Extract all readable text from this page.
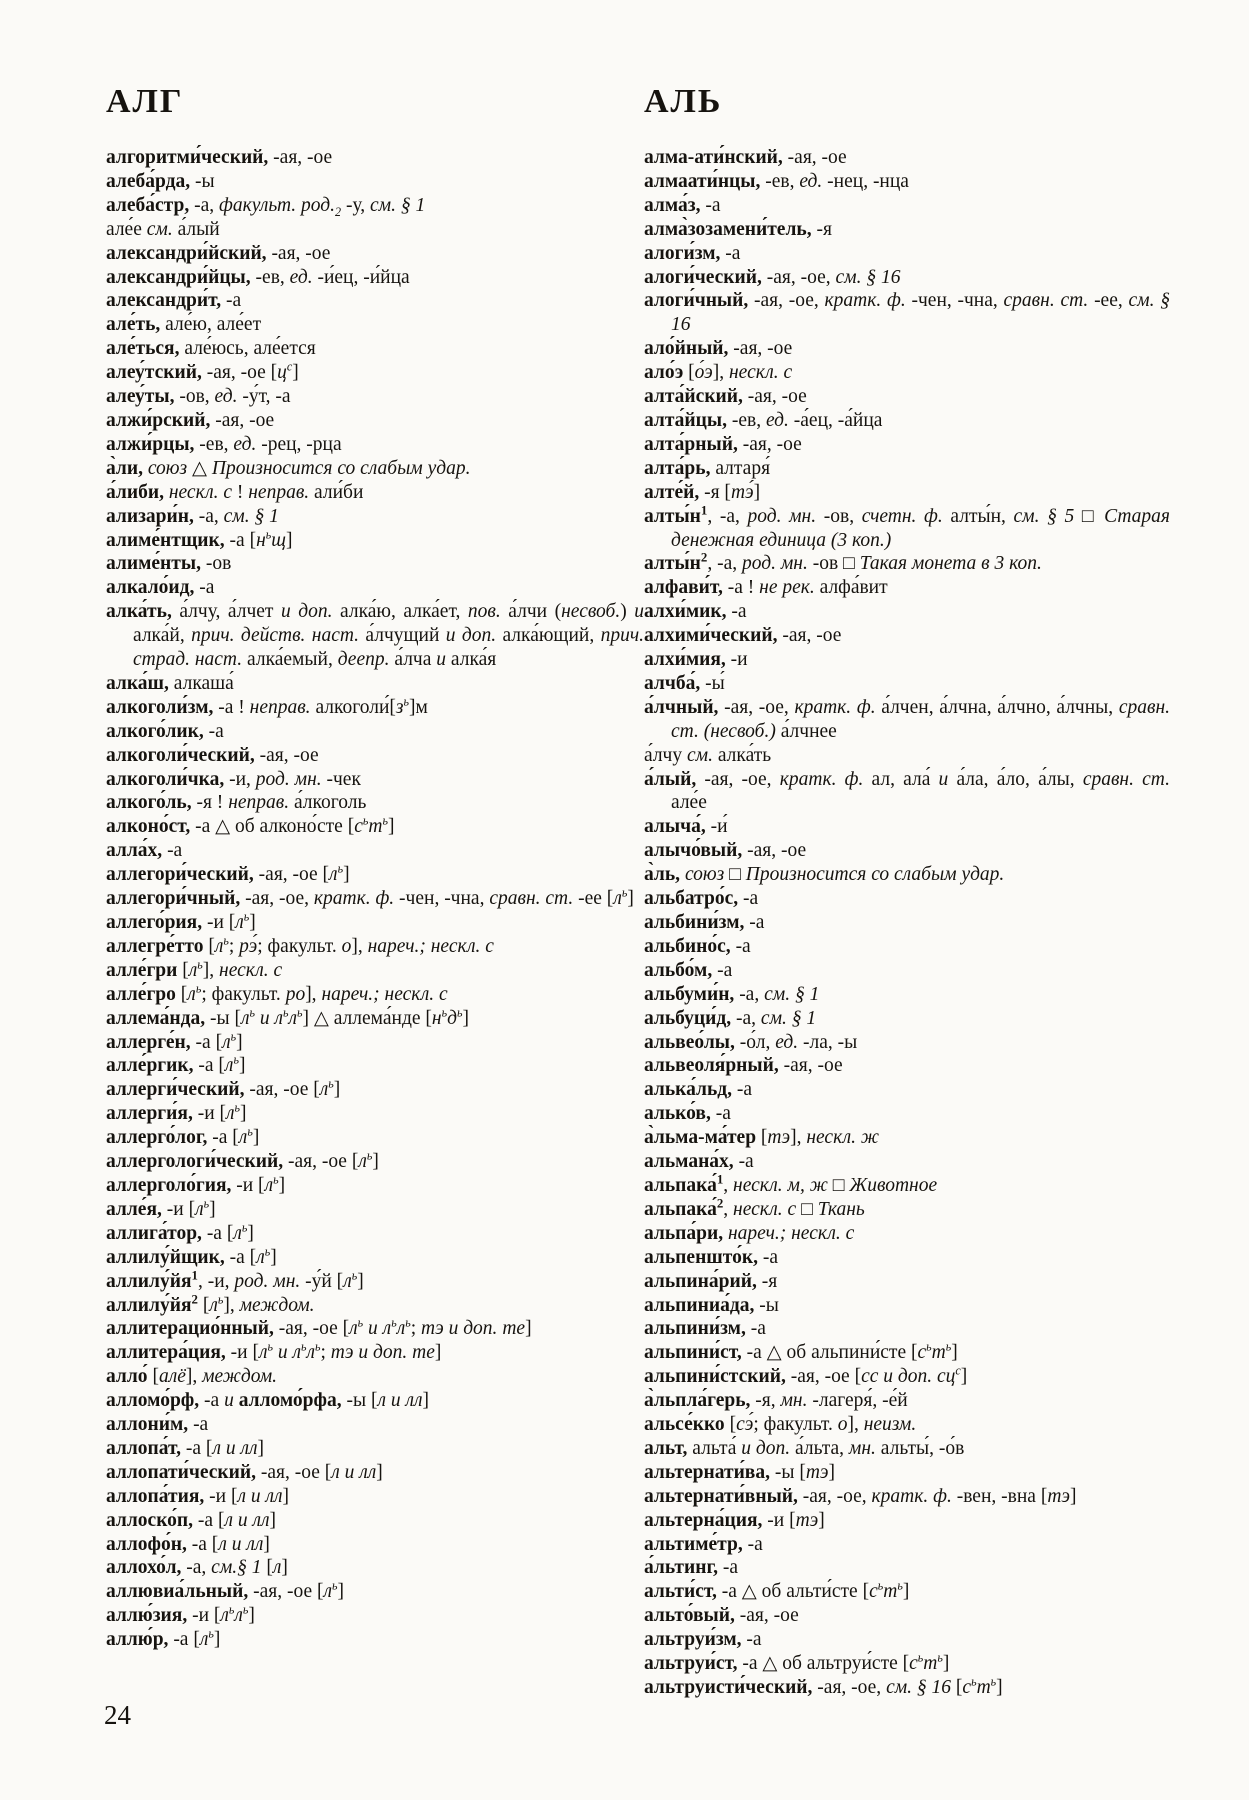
АЛГ
алгоритми́ческий, -ая, -ое
алеба́рда, -ы
алеба́стр, -а, факульт. $род._2$ -у, см. § 1
але́е см. а́лый
александри́йский, -ая, -ое
александри́йцы, -ев, ед. -и́ец, -и́йца
александри́т, -а
але́ть, але́ю, але́ет
але́ться, але́юсь, але́ется
алеу́тский, -ая, -ое $[ц^с]$
алеу́ты, -ов, ед. -у́т, -а
алжи́рский, -ая, -ое
алжи́рцы, -ев, ед. -рец, -рца
а̀ли, союз △ Произносится со слабым удар.
а́либи, нескл. с ! неправ. али́би
ализари́н, -а, см. § 1
алиме́нтщик, -а $[н^ьщ]$
алиме́нты, -ов
алкало́ид, -а
алка́ть, а́лчу, а́лчет и доп. алка́ю, алка́ет, пов. а́лчи (несвоб.) и алка́й, прич. действ. наст. а́лчущий и доп. алка́ющий, прич. страд. наст. алка́емый, деепр. а́лча и алка́я
алка́ш, алкаша́
алкоголи́зм, -а ! неправ. $алкоголи́[з^ь]м$
алкого́лик, -а
алкоголи́ческий, -ая, -ое
алкоголи́чка, -и, род. мн. -чек
алкого́ль, -я ! неправ. а́лкоголь
алконо́ст, -а △ об алконо́сте $[с^ьт^ь]$
алла́х, -а
аллегори́ческий, -ая, -ое $[л^ь]$
аллегори́чный, -ая, -ое, кратк. ф. -чен, -чна, сравн. ст. -ее $[л^ь]$
аллего́рия, -и $[л^ь]$
аллегре́тто [$л^ь$; рэ́; факульт. о], нареч.; нескл. с
алле́гри $[л^ь]$, нескл. с
алле́гро [$л^ь$; факульт. ро], нареч.; нескл. с
аллема́нда, -ы [$л^ь$ и $л^ьл^ь$] △ аллема́нде $[н^ьд^ь]$
аллерге́н, -а $[л^ь]$
алле́ргик, -а $[л^ь]$
аллерги́ческий, -ая, -ое $[л^ь]$
аллерги́я, -и $[л^ь]$
аллерго́лог, -а $[л^ь]$
аллергологи́ческий, -ая, -ое $[л^ь]$
аллерголо́гия, -и $[л^ь]$
алле́я, -и $[л^ь]$
аллига́тор, -а $[л^ь]$
аллилу́йщик, -а $[л^ь]$
$аллилу́йя^1$, -и, род. мн. -у́й $[л^ь]$
$аллилу́йя^2$ $[л^ь]$, междом.
аллитерацио́нный, -ая, -ое [$л^ь$ и $л^ьл^ь$; тэ и доп. те]
аллитера́ция, -и [$л^ь$ и $л^ьл^ь$; тэ и доп. те]
алло́ [алё], междом.
алломо́рф, -а и алломо́рфа, -ы [л и лл]
аллони́м, -а
аллопа́т, -а [л и лл]
аллопати́ческий, -ая, -ое [л и лл]
аллопа́тия, -и [л и лл]
аллоско́п, -а [л и лл]
аллофо́н, -а [л и лл]
аллохо́л, -а, см.§ 1 [л]
аллювиа́льный, -ая, -ое $[л^ь]$
аллю́зия, -и $[л^ьл^ь]$
аллю́р, -а $[л^ь]$
АЛЬ
алма-ати́нский, -ая, -ое
алмаати́нцы, -ев, ед. -нец, -нца
алма́з, -а
алма̀зозамени́тель, -я
алоги́зм, -а
алоги́ческий, -ая, -ое, см. § 16
алоги́чный, -ая, -ое, кратк. ф. -чен, -чна, сравн. ст. -ее, см. § 16
ало́йный, -ая, -ое
ало́э [о́э], нескл. с
алта́йский, -ая, -ое
алта́йцы, -ев, ед. -а́ец, -а́йца
алта́рный, -ая, -ое
алта́рь, алтаря́
алте́й, -я [тэ́]
$алты́н^1$, -а, род. мн. -ов, счетн. ф. алты́н, см. § 5 □ Старая денежная единица (3 коп.)
$алты́н^2$, -а, род. мн. -ов □ Такая монета в 3 коп.
алфави́т, -а ! не рек. алфа́вит
алхи́мик, -а
алхими́ческий, -ая, -ое
алхи́мия, -и
алчба́, -ы́
а́лчный, -ая, -ое, кратк. ф. а́лчен, а́лчна, а́лчно, а́лчны, сравн. ст. (несвоб.) а́лчнее
а́лчу см. алка́ть
а́лый, -ая, -ое, кратк. ф. ал, ала́ и а́ла, а́ло, а́лы, сравн. ст. але́е
алыча́, -и́
алычо́вый, -ая, -ое
а̀ль, союз □ Произносится со слабым удар.
альбатро́с, -а
альбини́зм, -а
альбино́с, -а
альбо́м, -а
альбуми́н, -а, см. § 1
альбуци́д, -а, см. § 1
альвео́лы, -о́л, ед. -ла, -ы
альвеоля́рный, -ая, -ое
алька́льд, -а
алько́в, -а
а̀льма-ма́тер [тэ], нескл. ж
альмана́х, -а
альпака́$^1$, нескл. м, ж □ Животное
альпака́$^2$, нескл. с □ Ткань
альпа́ри, нареч.; нескл. с
альпеншто́к, -а
альпина́рий, -я
альпиниа́да, -ы
альпини́зм, -а
альпини́ст, -а △ об альпини́сте $[с^ьт^ь]$
альпини́стский, -ая, -ое [сс и доп. $сц^с$]
а̀льпла́герь, -я, мн. -лагеря́, -е́й
альсе́кко [сэ́; факульт. о], неизм.
альт, альта́ и доп. а́льта, мн. альты́, -о́в
альтернати́ва, -ы [тэ]
альтернати́вный, -ая, -ое, кратк. ф. -вен, -вна [тэ]
альтерна́ция, -и [тэ]
альтиме́тр, -а
а́льтинг, -а
альти́ст, -а △ об альти́сте $[с^ьт^ь]$
альто́вый, -ая, -ое
альтруи́зм, -а
альтруи́ст, -а △ об альтруи́сте $[с^ьт^ь]$
альтруисти́ческий, -ая, -ое, см. § 16 $[с^ьт^ь]$
24
